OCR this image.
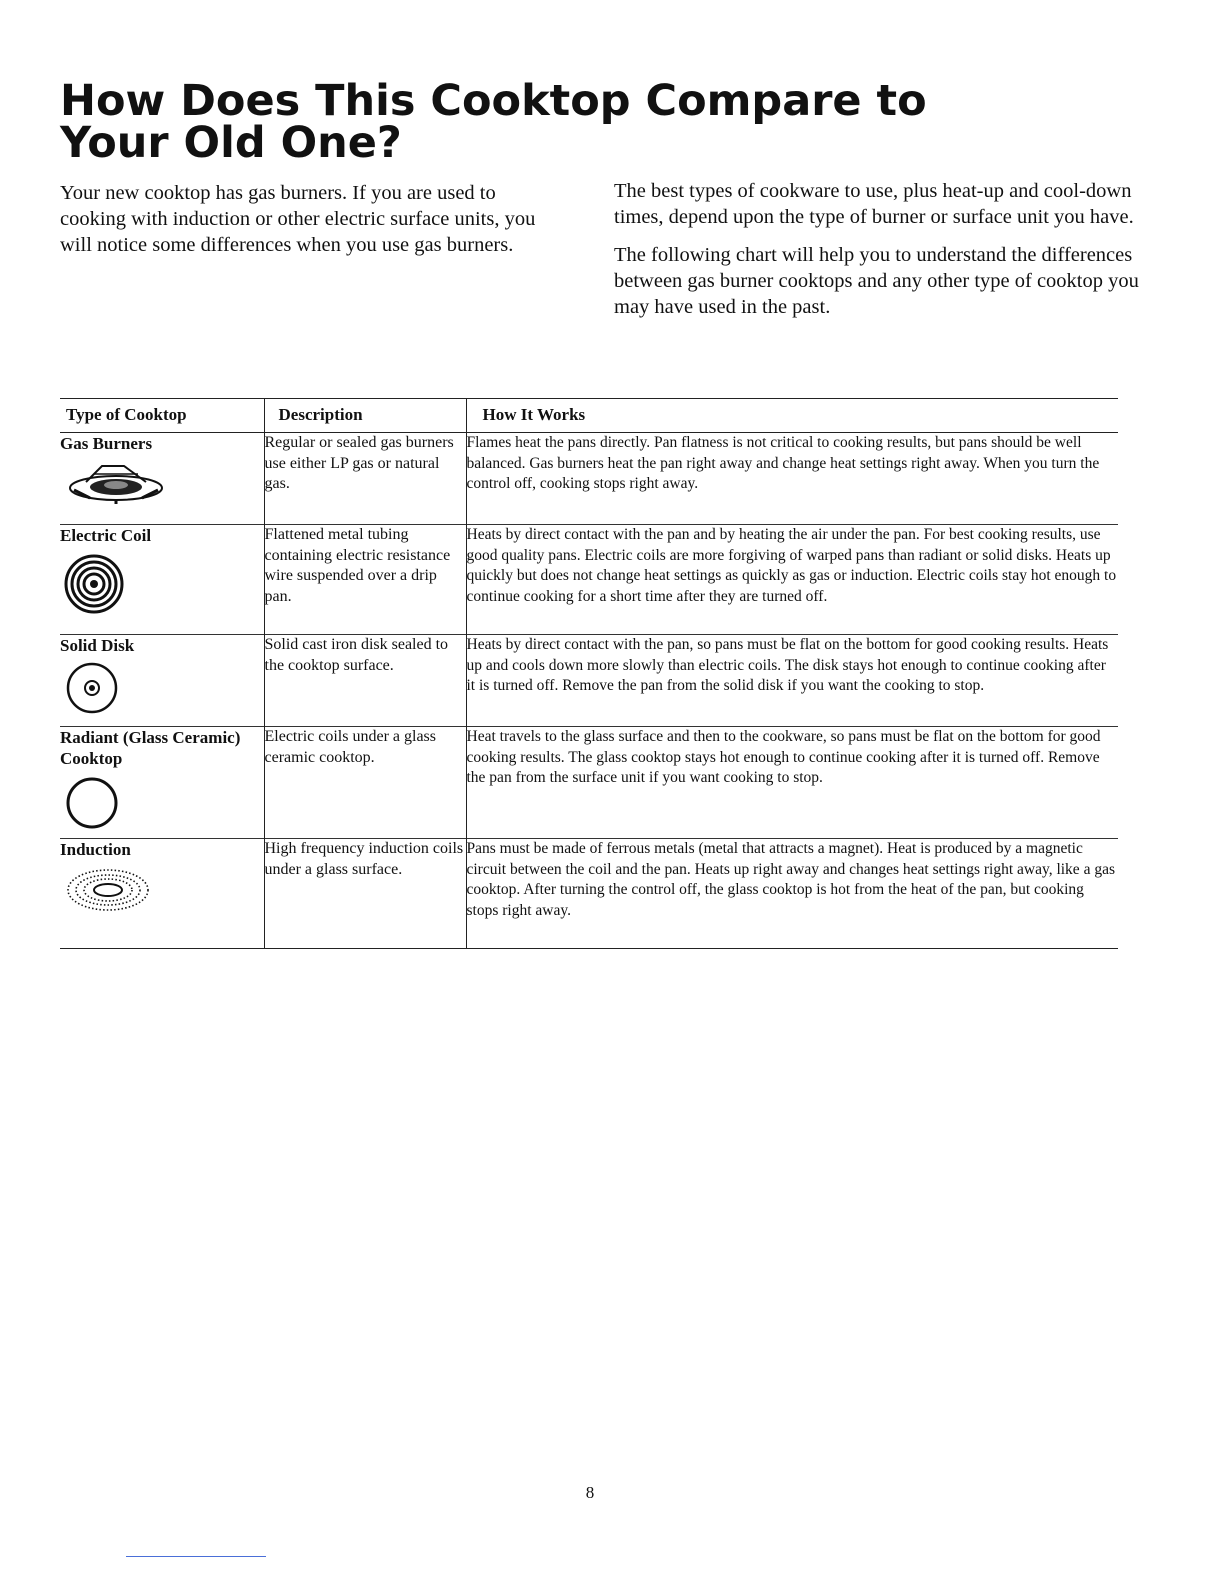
How Does This Cooktop Compare to
Your Old One?

Your new cooktop has gas burners. If you are used to cooking with induction or other electric surface units, you will notice some differences when you use gas burners.

The best types of cookware to use, plus heat-up and cool-down times, depend upon the type of burner or surface unit you have.

The following chart will help you to understand the differences between gas burner cooktops and any other type of cooktop you may have used in the past.

Type of Cooktop	Description	How It Works

Gas Burners	Regular or sealed gas burners use either LP gas or natural gas.	Flames heat the pans directly. Pan flatness is not critical to cooking results, but pans should be well balanced. Gas burners heat the pan right away and change heat settings right away. When you turn the control off, cooking stops right away.

Electric Coil	Flattened metal tubing containing electric resistance wire suspended over a drip pan.	Heats by direct contact with the pan and by heating the air under the pan. For best cooking results, use good quality pans. Electric coils are more forgiving of warped pans than radiant or solid disks. Heats up quickly but does not change heat settings as quickly as gas or induction. Electric coils stay hot enough to continue cooking for a short time after they are turned off.

Solid Disk	Solid cast iron disk sealed to the cooktop surface.	Heats by direct contact with the pan, so pans must be flat on the bottom for good cooking results. Heats up and cools down more slowly than electric coils. The disk stays hot enough to continue cooking after it is turned off. Remove the pan from the solid disk if you want the cooking to stop.

Radiant (Glass Ceramic) Cooktop	Electric coils under a glass ceramic cooktop.	Heat travels to the glass surface and then to the cookware, so pans must be flat on the bottom for good cooking results. The glass cooktop stays hot enough to continue cooking after it is turned off. Remove the pan from the surface unit if you want cooking to stop.

Induction	High frequency induction coils under a glass surface.	Pans must be made of ferrous metals (metal that attracts a magnet). Heat is produced by a magnetic circuit between the coil and the pan. Heats up right away and changes heat settings right away, like a gas cooktop. After turning the control off, the glass cooktop is hot from the heat of the pan, but cooking stops right away.
8
